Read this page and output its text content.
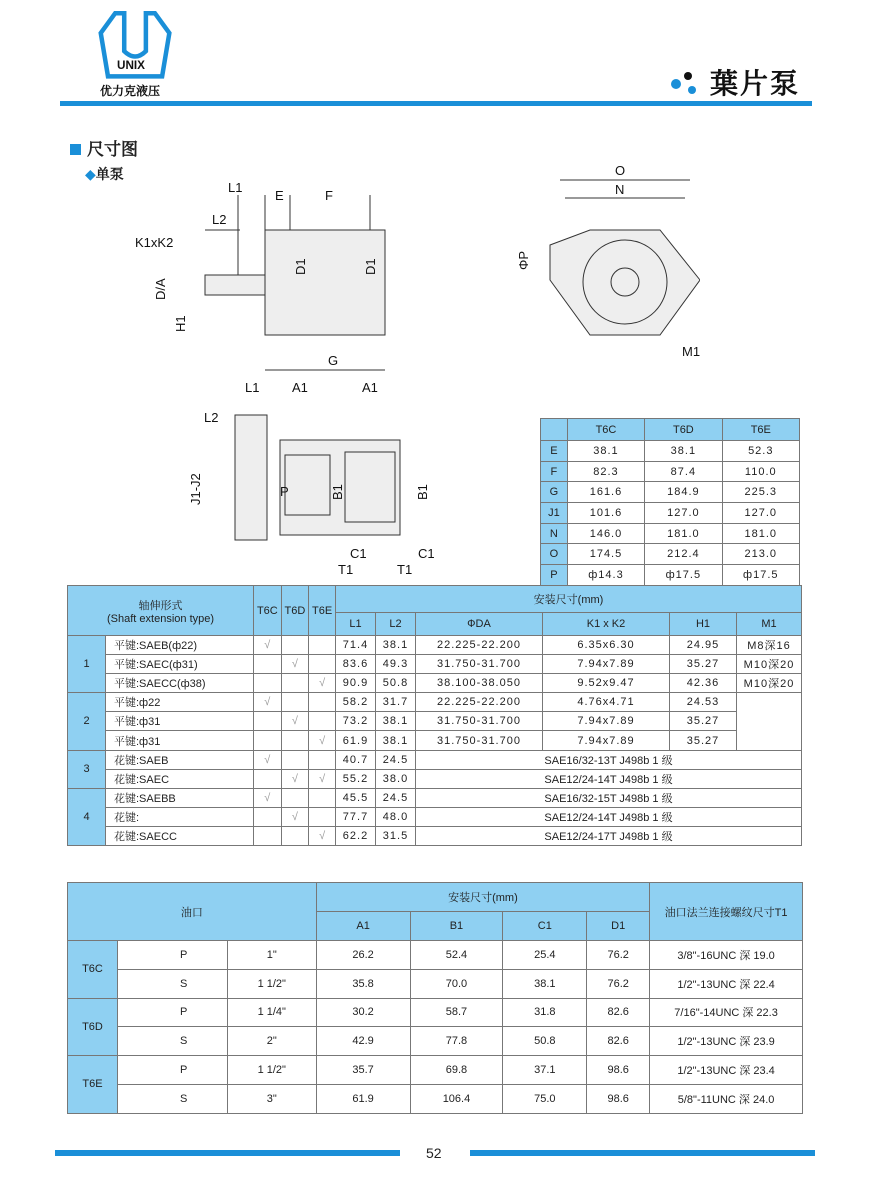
UNIX
优力克液压	葉片泵
尺寸图
◆单泵
L1
E	F
L2
K1xK2
D1	D1
D/A
H1
G
O
N
ΦP
M1
L1	A1	A1
L2
J1-J2	P	B1	B1
C1	C1
T1	T1
	T6C	T6D	T6E
E	38.1	38.1	52.3
F	82.3	87.4	110.0
G	161.6	184.9	225.3
J1	101.6	127.0	127.0
N	146.0	181.0	181.0
O	174.5	212.4	213.0
P	ф14.3	ф17.5	ф17.5
轴伸形式
(Shaft extension type)		T6C	T6D	T6E	安装尺寸(mm)					
					L1	L2	ФDA	K1 x K2	H1	M1
1	平键:SAEB(ф22)	√			71.4	38.1	22.225-22.200	6.35x6.30	24.95	M8深16
	平键:SAEC(ф31)		√		83.6	49.3	31.750-31.700	7.94x7.89	35.27	M10深20
	平键:SAECC(ф38)			√	90.9	50.8	38.100-38.050	9.52x9.47	42.36	M10深20
2	平键:ф22	√			58.2	31.7	22.225-22.200	4.76x4.71	24.53	
	平键:ф31		√		73.2	38.1	31.750-31.700	7.94x7.89	35.27	
	平键:ф31			√	61.9	38.1	31.750-31.700	7.94x7.89	35.27	
3	花键:SAEB	√			40.7	24.5	SAE16/32-13T J498b 1 级			
	花键:SAEC		√	√	55.2	38.0	SAE12/24-14T J498b 1 级			
4	花键:SAEBB	√			45.5	24.5	SAE16/32-15T J498b 1 级			
	花键:		√		77.7	48.0	SAE12/24-14T J498b 1 级			
	花键:SAECC			√	62.2	31.5	SAE12/24-17T J498b 1 级			
油口			安装尺寸(mm)				油口法兰连接螺纹尺寸T1
			A1	B1	C1	D1	
T6C	P	1"	26.2	52.4	25.4	76.2	3/8"-16UNC 深 19.0
	S	1 1/2"	35.8	70.0	38.1	76.2	1/2"-13UNC 深 22.4
T6D	P	1 1/4"	30.2	58.7	31.8	82.6	7/16"-14UNC 深 22.3
	S	2"	42.9	77.8	50.8	82.6	1/2"-13UNC 深 23.9
T6E	P	1 1/2"	35.7	69.8	37.1	98.6	1/2"-13UNC 深 23.4
	S	3"	61.9	106.4	75.0	98.6	5/8"-11UNC 深 24.0
52
